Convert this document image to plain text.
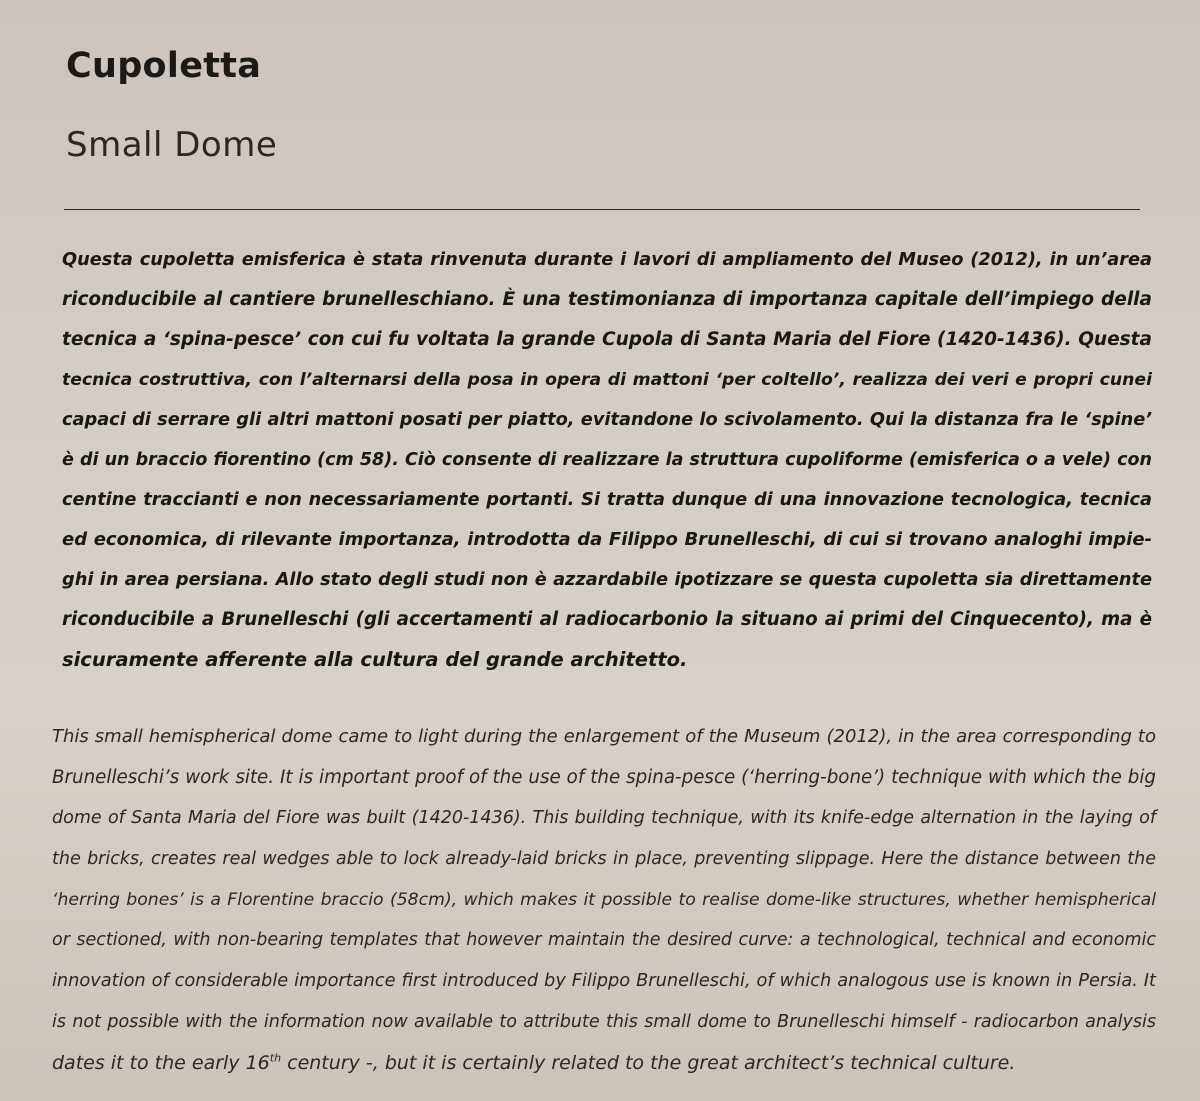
Cupoletta
Small Dome
Questa cupoletta emisferica è stata rinvenuta durante i lavori di ampliamento del Museo (2012), in un’area
riconducibile al cantiere brunelleschiano. È una testimonianza di importanza capitale dell’impiego della
tecnica a ‘spina-pesce’ con cui fu voltata la grande Cupola di Santa Maria del Fiore (1420-1436). Questa
tecnica costruttiva, con l’alternarsi della posa in opera di mattoni ‘per coltello’, realizza dei veri e propri cunei
capaci di serrare gli altri mattoni posati per piatto, evitandone lo scivolamento. Qui la distanza fra le ‘spine’
è di un braccio fiorentino (cm 58). Ciò consente di realizzare la struttura cupoliforme (emisferica o a vele) con
centine traccianti e non necessariamente portanti. Si tratta dunque di una innovazione tecnologica, tecnica
ed economica, di rilevante importanza, introdotta da Filippo Brunelleschi, di cui si trovano analoghi impie-
ghi in area persiana. Allo stato degli studi non è azzardabile ipotizzare se questa cupoletta sia direttamente
riconducibile a Brunelleschi (gli accertamenti al radiocarbonio la situano ai primi del Cinquecento), ma è
sicuramente afferente alla cultura del grande architetto.
This small hemispherical dome came to light during the enlargement of the Museum (2012), in the area corresponding to
Brunelleschi’s work site. It is important proof of the use of the spina-pesce (‘herring-bone’) technique with which the big
dome of Santa Maria del Fiore was built (1420-1436). This building technique, with its knife-edge alternation in the laying of
the bricks, creates real wedges able to lock already-laid bricks in place, preventing slippage. Here the distance between the
‘herring bones’ is a Florentine braccio (58cm), which makes it possible to realise dome-like structures, whether hemispherical
or sectioned, with non-bearing templates that however maintain the desired curve: a technological, technical and economic
innovation of considerable importance first introduced by Filippo Brunelleschi, of which analogous use is known in Persia. It
is not possible with the information now available to attribute this small dome to Brunelleschi himself - radiocarbon analysis
dates it to the early 16th century -, but it is certainly related to the great architect’s technical culture.
